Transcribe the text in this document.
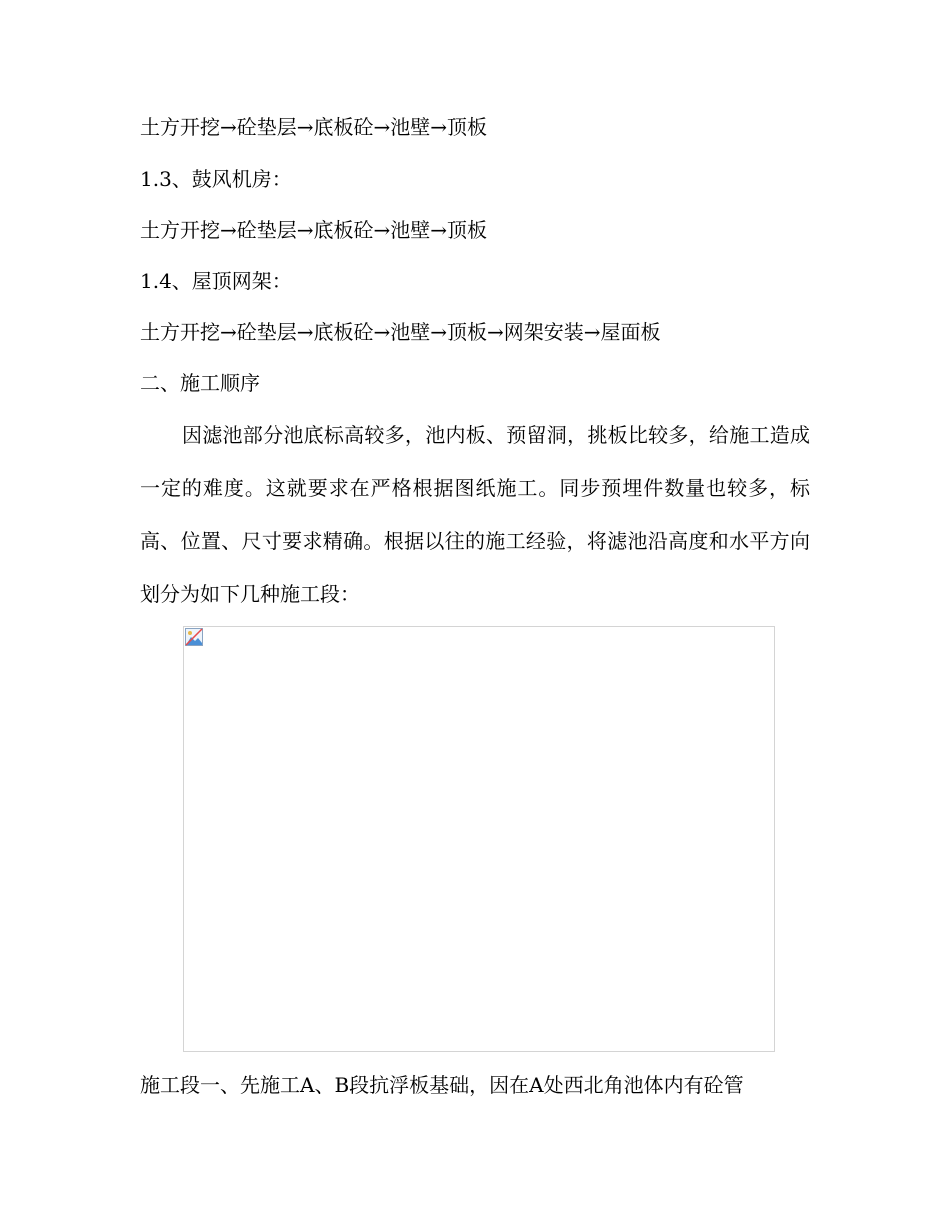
土方开挖→砼垫层→底板砼→池壁→顶板
1.3、鼓风机房：
土方开挖→砼垫层→底板砼→池壁→顶板
1.4、屋顶网架：
土方开挖→砼垫层→底板砼→池壁→顶板→网架安装→屋面板
二、施工顺序
因滤池部分池底标高较多，池内板、预留洞，挑板比较多，给施工造成一定的难度。这就要求在严格根据图纸施工。同步预埋件数量也较多，标高、位置、尺寸要求精确。根据以往的施工经验，将滤池沿高度和水平方向划分为如下几种施工段：
施工段一、先施工A、B段抗浮板基础，因在A处西北角池体内有砼管
